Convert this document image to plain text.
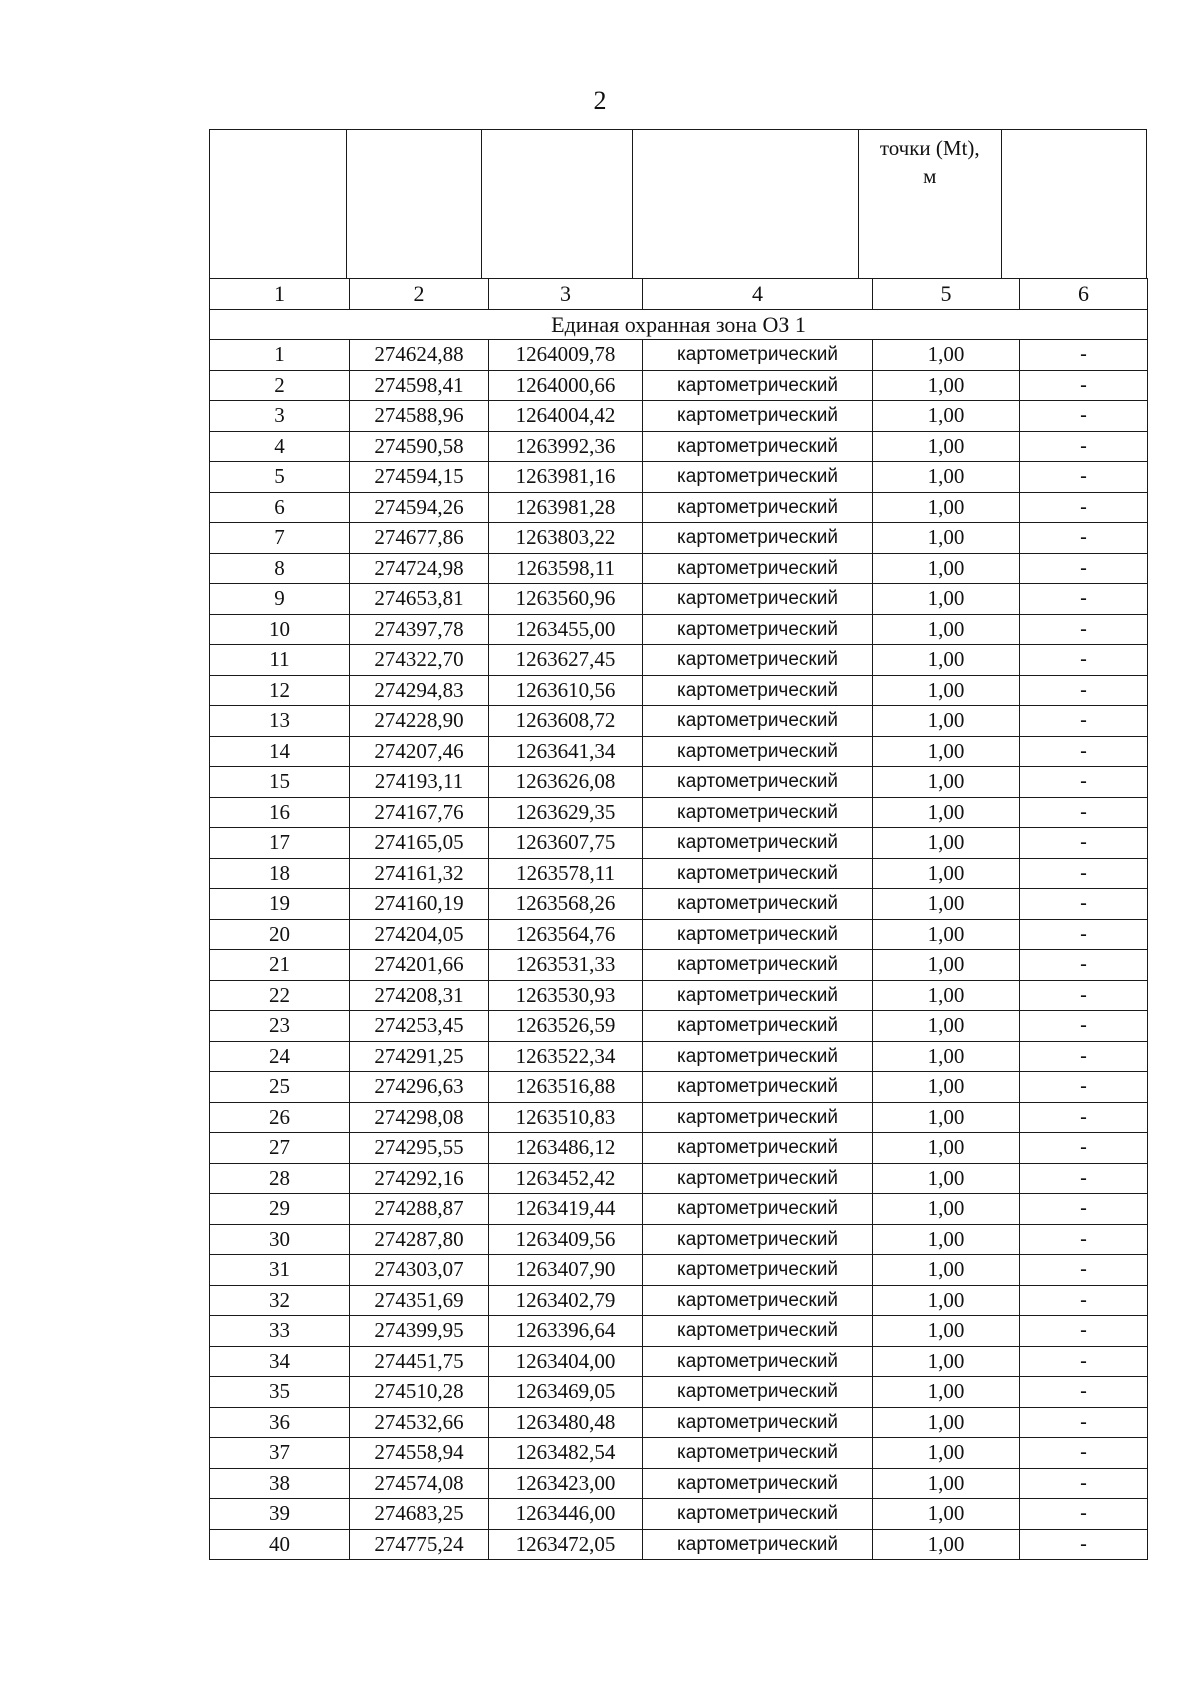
2
				точки (Mt),
м	
1	2	3	4	5	6
Единая охранная зона ОЗ 1					
1	274624,88	1264009,78	картометрический	1,00	-
2	274598,41	1264000,66	картометрический	1,00	-
3	274588,96	1264004,42	картометрический	1,00	-
4	274590,58	1263992,36	картометрический	1,00	-
5	274594,15	1263981,16	картометрический	1,00	-
6	274594,26	1263981,28	картометрический	1,00	-
7	274677,86	1263803,22	картометрический	1,00	-
8	274724,98	1263598,11	картометрический	1,00	-
9	274653,81	1263560,96	картометрический	1,00	-
10	274397,78	1263455,00	картометрический	1,00	-
11	274322,70	1263627,45	картометрический	1,00	-
12	274294,83	1263610,56	картометрический	1,00	-
13	274228,90	1263608,72	картометрический	1,00	-
14	274207,46	1263641,34	картометрический	1,00	-
15	274193,11	1263626,08	картометрический	1,00	-
16	274167,76	1263629,35	картометрический	1,00	-
17	274165,05	1263607,75	картометрический	1,00	-
18	274161,32	1263578,11	картометрический	1,00	-
19	274160,19	1263568,26	картометрический	1,00	-
20	274204,05	1263564,76	картометрический	1,00	-
21	274201,66	1263531,33	картометрический	1,00	-
22	274208,31	1263530,93	картометрический	1,00	-
23	274253,45	1263526,59	картометрический	1,00	-
24	274291,25	1263522,34	картометрический	1,00	-
25	274296,63	1263516,88	картометрический	1,00	-
26	274298,08	1263510,83	картометрический	1,00	-
27	274295,55	1263486,12	картометрический	1,00	-
28	274292,16	1263452,42	картометрический	1,00	-
29	274288,87	1263419,44	картометрический	1,00	-
30	274287,80	1263409,56	картометрический	1,00	-
31	274303,07	1263407,90	картометрический	1,00	-
32	274351,69	1263402,79	картометрический	1,00	-
33	274399,95	1263396,64	картометрический	1,00	-
34	274451,75	1263404,00	картометрический	1,00	-
35	274510,28	1263469,05	картометрический	1,00	-
36	274532,66	1263480,48	картометрический	1,00	-
37	274558,94	1263482,54	картометрический	1,00	-
38	274574,08	1263423,00	картометрический	1,00	-
39	274683,25	1263446,00	картометрический	1,00	-
40	274775,24	1263472,05	картометрический	1,00	-
